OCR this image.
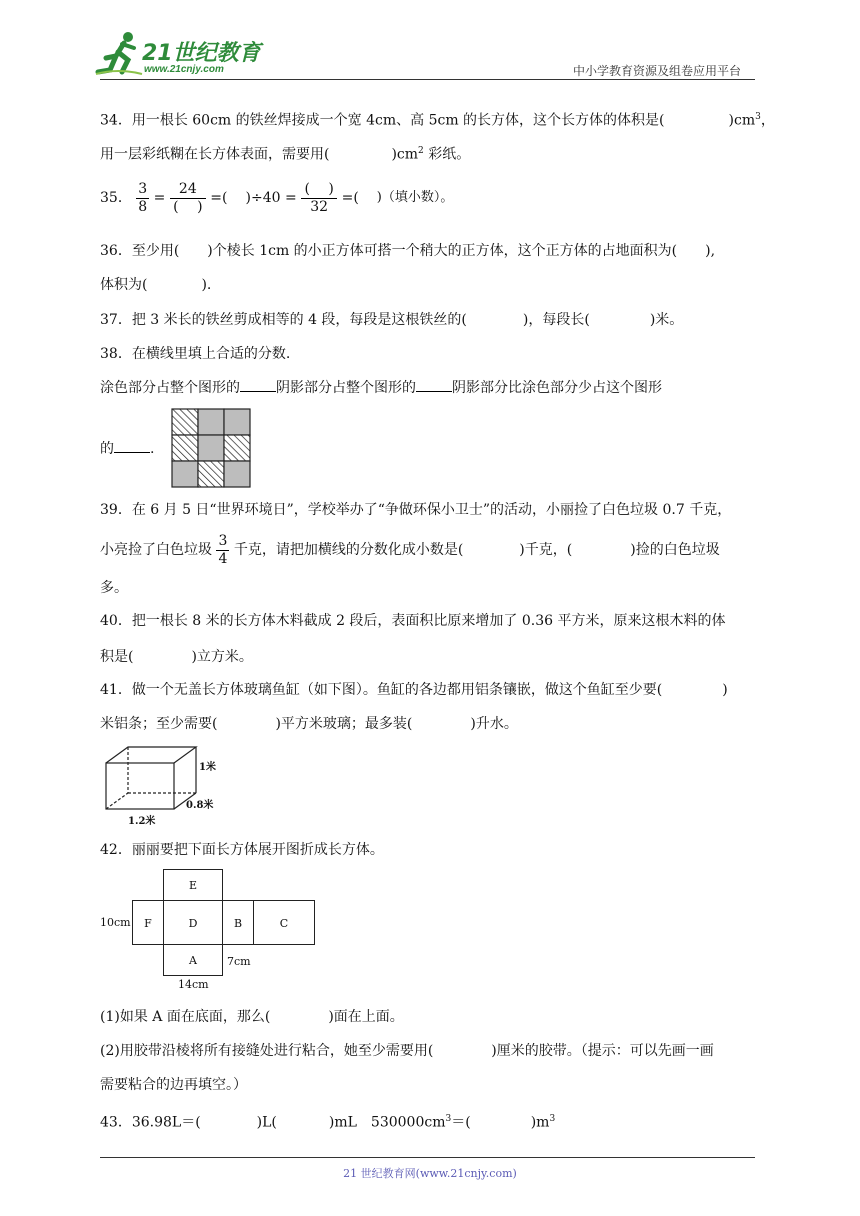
21世纪教育
www.21cnjy.com	中小学教育资源及组卷应用平台
34．用一根长 60cm 的铁丝焊接成一个宽 4cm、高 5cm 的长方体，这个长方体的体积是(	)$cm^3$，
用一层彩纸糊在长方体表面，需要用(	)$cm^2$ 彩纸。
35． $\frac{3}{8} = \frac{24}{( )}$ =( )$\div 40 = \frac{( )}{32}$ =( )（填小数）。
36．至少用( )个棱长 1cm 的小正方体可搭一个稍大的正方体，这个正方体的占地面积为( ),
体积为(	).
37．把 3 米长的铁丝剪成相等的 4 段，每段是这根铁丝的(	)，每段长(	)米。
38．在横线里填上合适的分数.
涂色部分占整个图形的	阴影部分占整个图形的	阴影部分比涂色部分少占这个图形
的	.
39．在 6 月 5 日“世界环境日”，学校举办了“争做环保小卫士”的活动，小丽捡了白色垃圾 0.7 千克，
小亮捡了白色垃圾 $\frac{3}{4}$ 千克，请把加横线的分数化成小数是(	)千克，(	)捡的白色垃圾
多。
40．把一根长 8 米的长方体木料截成 2 段后，表面积比原来增加了 0.36 平方米，原来这根木料的体
积是(	)立方米。
41．做一个无盖长方体玻璃鱼缸（如下图）。鱼缸的各边都用铝条镶嵌，做这个鱼缸至少要(	)
米铝条；至少需要(	)平方米玻璃；最多装(	)升水。
1米
0.8米
1.2米
42．丽丽要把下面长方体展开图折成长方体。
E
F	D	B	C
A
10cm
7cm
14cm
(1)如果 A 面在底面，那么(	)面在上面。
(2)用胶带沿棱将所有接缝处进行粘合，她至少需要用(	)厘米的胶带。（提示：可以先画一画
需要粘合的边再填空。）
43．36.98L＝(	)L(	)mL　$530000cm^3=$(	)$m^3$
21 世纪教育网(www.21cnjy.com)
